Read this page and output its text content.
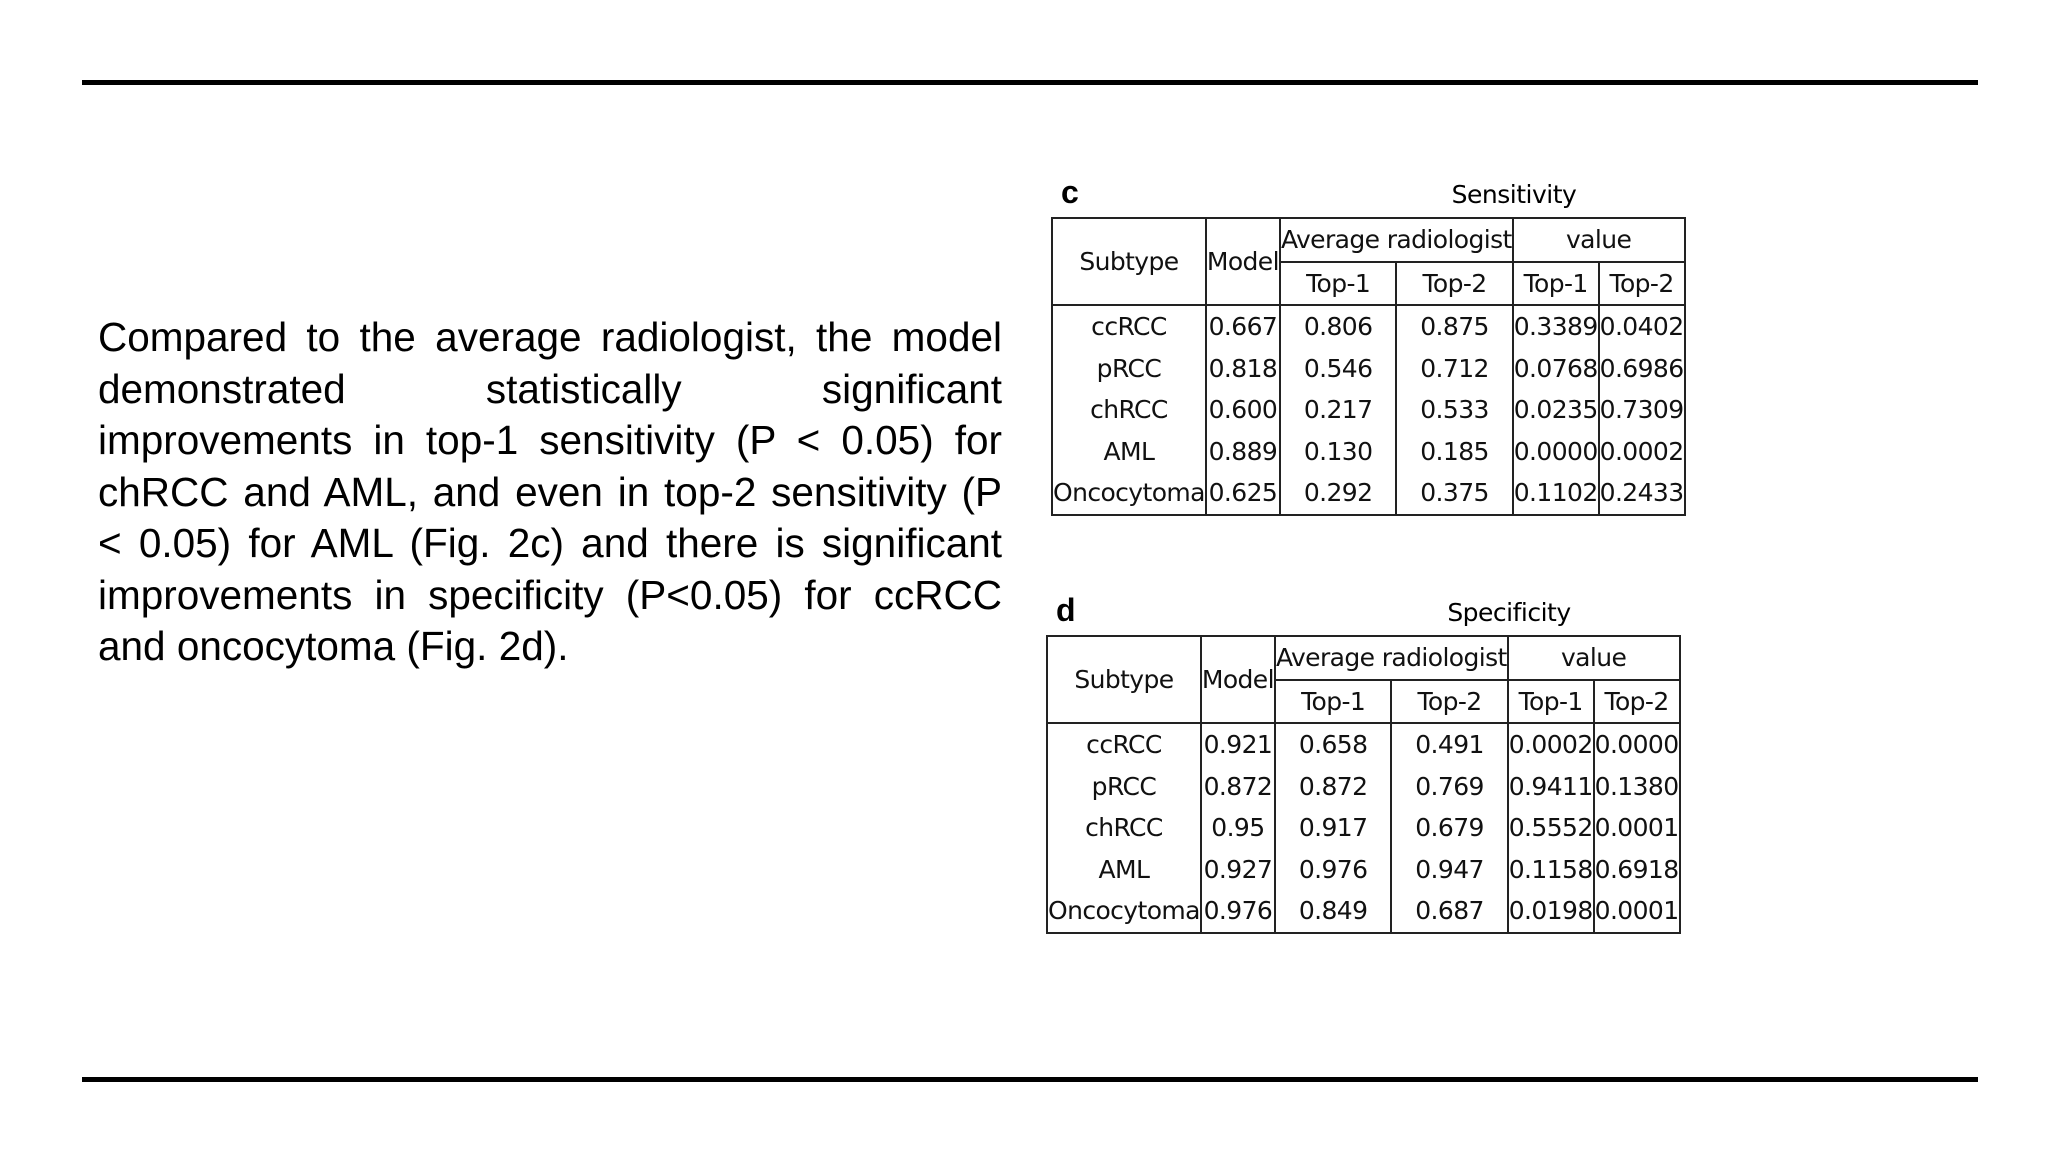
Compared to the average radiologist, the model demonstrated statistically significant improvements in top-1 sensitivity (P < 0.05) for chRCC and AML, and even in top-2 sensitivity (P < 0.05) for AML (Fig. 2c) and there is significant improvements in specificity (P<0.05) for ccRCC and oncocytoma (Fig. 2d).

c	Sensitivity
Subtype	Model	Average radiologist		value	
		Top-1	Top-2	Top-1	Top-2
ccRCC	0.667	0.806	0.875	0.3389	0.0402
pRCC	0.818	0.546	0.712	0.0768	0.6986
chRCC	0.600	0.217	0.533	0.0235	0.7309
AML	0.889	0.130	0.185	0.0000	0.0002
Oncocytoma	0.625	0.292	0.375	0.1102	0.2433
d	Specificity
Subtype	Model	Average radiologist		value	
		Top-1	Top-2	Top-1	Top-2
ccRCC	0.921	0.658	0.491	0.0002	0.0000
pRCC	0.872	0.872	0.769	0.9411	0.1380
chRCC	0.95	0.917	0.679	0.5552	0.0001
AML	0.927	0.976	0.947	0.1158	0.6918
Oncocytoma	0.976	0.849	0.687	0.0198	0.0001
